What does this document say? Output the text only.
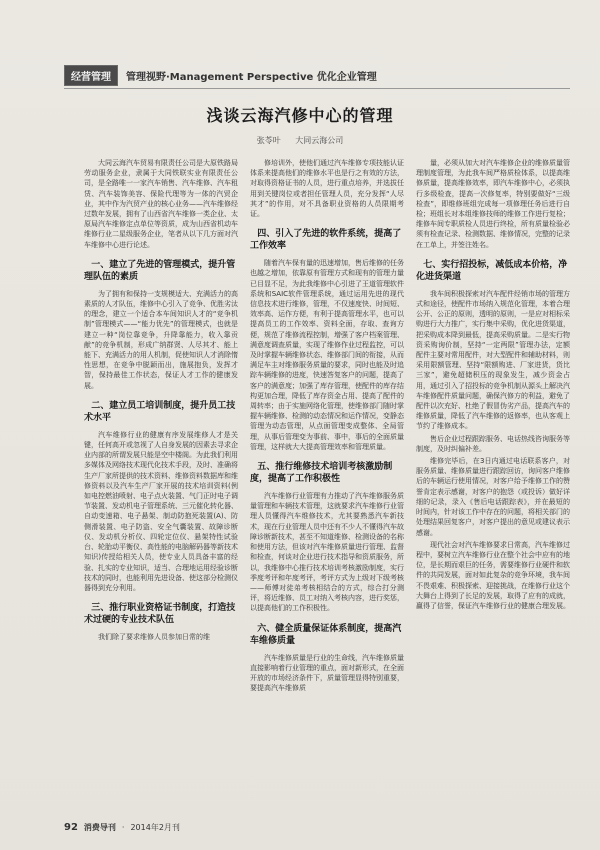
经营管理	管理视野·Management Perspective 优化企业管理
浅谈云海汽修中心的管理
张苓叶 大同云海公司

大同云海汽车贸易有限责任公司是大原铁路局劳动服务企业，隶属于大同铁联实业有限责任公司，是全路唯一一家汽车销售、汽车维修、汽车租赁、汽车装饰美容、保险代理等为一体的汽贸企业，其中作为汽贸产业的核心业务——汽车维修经过数年发展，拥有了山西省汽车维修一类企业、太原局汽车维修定点单位等资质，成为山西省机动车维修行业二星级服务企业，笔者从以下几方面对汽车维修中心进行论述。

一、建立了先进的管理模式，提升管理队伍的素质

为了拥有和保持一支规模适大、充满活力的高素质的人才队伍，维修中心引入了竞争、优胜劣汰的理念，建立一个适合本车间知识人才的“竞争机制”管理模式——“能力优先”的管理模式，也就是建立一种“岗位靠竞争，升降靠能力，收入靠贡献”的竞争机制，形成广纳群贤、人尽其才、能上能下、充满活力的用人机制，促使知识人才消除惰性思想，在竞争中脱颖而出，施展抱负，发挥才智，保持最佳工作状态，保证人才工作的健康发展。

二、建立员工培训制度，提升员工技术水平

汽车维修行业的健康有序发展维修人才是关键，任何高开或忽视了人自身发展的因素去寻求企业内部的所谓发展只能是空中楼阁。为此我们利用多媒体及网络技术现代化技术手段，及时、准确将生产厂家所提供的技术资料、维修资料数据库和维修资料以及汽车生产厂家开展的技术培训资料(例如电控燃油喷射、电子点火装置、气门正时电子调节装置、发动机电子管理系统、三元催化转化器、自动变速箱、电子悬架、制动防抱死装置(A)、防侧滑装置、电子防盗、安全气囊装置、故障诊断仪、发动机分析仪、四轮定位仪、悬架特性试验台、轮胎动平衡仪、高性能的电脑解码器等新技术知识)传授给相关人员，使专业人员具备丰富的经验、扎实的专业知识，适当、合理地运用经验诊断技术的同时，也能利用先进设备、使这部分检测仪器得到充分利用。

三、推行职业资格证书制度，打造技术过硬的专业技术队伍

我们除了要求维修人员参加日常的维

修培训外，使他们通过汽车维修专项技能认证体系来提高他们的维修水平也是行之有效的方法，对取得资格证书的人员，进行重点培养，并选拔任用到关键岗位或者担任管理人员，充分发挥“人尽其才”的作用，对不具备职业资格的人员限期考证。

四、引入了先进的软件系统，提高了工作效率

随着汽车保有量的迅速增加，售后维修的任务也越之增加，依靠原有管理方式和现有的管理力量已目显不足，为此我维修中心引进了王道管理软件系统和SAIC软件管理系统，通过运用先进的现代信息技术进行维修，管理，不仅速度快、时间短、效率高、运作方便，有利于提高管理水平，也可以提高员工的工作效率、资料全面，存取、查询方便，规范了维修流程控制，增强了客户档案管理、满意度调查质量，实现了维修作业过程监控，可以及时掌握车辆维修状态、维修部门间的衔接，从而满足车主对维修服务质量的要求，同时也能及时追踪车辆维修的进度，快速答复客户的问题，提高了客户的满意度；加强了库存管理，使配件的库存结构更加合理，降低了库存资金占用、提高了配件的周转率；由于实施网络化管理，使维修部门随时掌握车辆维修、检测的动态情况和运作情况，变静态管理为动态管理，从点面管理变成整体、全局管理，从事后管理变为事前、事中，事后的全面质量管理，这样就大大提高管理效率和管理质量。

五、推行维修技术培训考核激励制度，提高了工作积极性

汽车维修行业管理有力推动了汽车维修服务质量管理和车辆技术管理，这就要求汽车维修行业管理人员懂得汽车维修技术，尤其要熟悉汽车新技术，现在行业管理人员中还有不少人不懂得汽车故障诊断新技术，甚至不知道维修、检测设备的名称和使用方法，但该对汽车维修质量进行管理、监督和检查，何谈对企业进行技术指导和资质服务，所以，我维修中心推行技术培训考核激励制度，实行季度考评和年度考评，考评方式为上级对下级考核——师傅对徒弟考核相结合的方式，综合打分测评，将近维修、员工对纳入考核内容，进行奖惩，以提高他们的工作积极性。

六、健全质量保证体系制度，提高汽车维修质量

汽车维修质量是行业的生命线，汽车维修质量直接影响着行业管理的重点，面对新形式，在全面开放的市场经济条件下，质量管理显得特别重要，要提高汽车维修质

量，必须从加大对汽车维修企业的维修质量管理制度管理，为此我车间严格质检体系，以提高维修质量，提高维修效率，即汽车维修中心，必须执行多级检查，提高一次修复率，特别要做好“三级检查”，即维修班组完成每一项修理任务后进行自检；班组长对本组维修技师的维修工作进行复检；维修车间专职质检人员进行终检，所有质量检验必须有检查记录、检测数据、维修情况，完整的记录在工单上，并签注姓名。

七、实行招投标，减低成本价格，净化进货渠道

我车间积极探索对汽车配件经销市场的管理方式和途径，使配件市场纳入规范化管理，本着合理公开、公正的原则，透明的原则，一是应对相标采购进行大力推广，实行集中采购，优化进货渠道，把采购成本降到最低，提高采购质量。二是实行物资采购询价制，坚持“一定两限”管理办法，定额配件主要对常用配件，对大型配件和辅助材料，则采用限额管理、坚持“限额购进、厂家进货，货比三家”，避免超储积压的现象发生，减少资金占用，通过引入了招投标的竞争机制从源头上解决汽车维修配件质量问题，确保汽修方的利益，避免了配件以次充好、杜绝了假冒伪劣产品，提高汽车的维修质量，降低了汽车维修的返修率，也从客观上节约了维修成本。

售后企业过程跟踪服务、电话热线咨询服务等制度，及时纠偏补差。

维修完毕后，在3日内通过电话联系客户，对服务质量、维修质量进行跟踪回访，询问客户维修后的车辆运行使用情况，对客户给予维修工作的赞誉肯定表示感谢，对客户的抱怨（或投诉）做好详细的记录，录入《售后电话跟踪表》，并在最短的时间内，针对该工作中存在的问题，将相关部门的处理结果回复客户，对客户提出的意见或建议表示感谢。

现代社会对汽车维修要求日常高，汽车维修过程中，要树立汽车维修行业在整个社会中应有的地位，是长期而艰巨的任务，需要维修行业硬件和软件的共同发展，面对如此复杂的竞争环境，我车间不畏艰难、积极探索、迎接挑战，在维修行业这个大舞台上得到了长足的发展，取得了应有的成就，赢得了信誉，保证汽车维修行业的健康合理发展。

92 消费导刊 · 2014年2月刊
